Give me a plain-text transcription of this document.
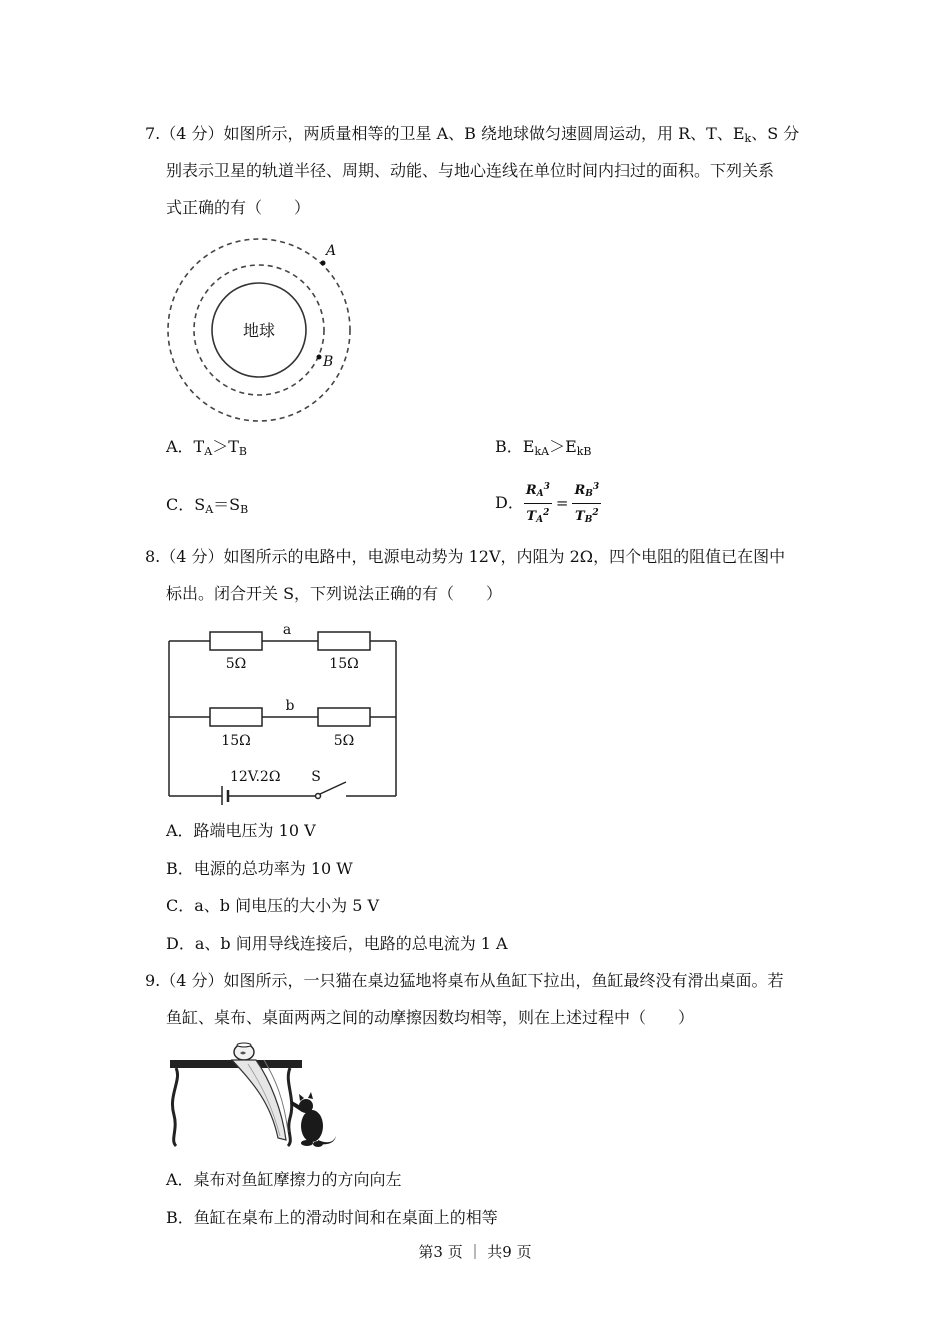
7.（4 分）如图所示，两质量相等的卫星 A、B 绕地球做匀速圆周运动，用 R、T、$E_k$、S 分
别表示卫星的轨道半径、周期、动能、与地心连线在单位时间内扫过的面积。下列关系
式正确的有（　　）
地球
A
B
A．$T_A>T_B$	B．$E_{kA}>E_{kB}$
C．$S_A=S_B$	D． $\frac{R_A^3}{T_A^2} = \frac{R_B^3}{T_B^2}$
8.（4 分）如图所示的电路中，电源电动势为 12V，内阻为 2Ω，四个电阻的阻值已在图中
标出。闭合开关 S，下列说法正确的有（　　）
a
5Ω	15Ω
b
15Ω	5Ω
12V.2Ω S
A．路端电压为 10 V
B．电源的总功率为 10 W
C．a、b 间电压的大小为 5 V
D．a、b 间用导线连接后，电路的总电流为 1 A
9.（4 分）如图所示，一只猫在桌边猛地将桌布从鱼缸下拉出，鱼缸最终没有滑出桌面。若
鱼缸、桌布、桌面两两之间的动摩擦因数均相等，则在上述过程中（　　）
A．桌布对鱼缸摩擦力的方向向左
B．鱼缸在桌布上的滑动时间和在桌面上的相等
第3 页 ｜ 共9 页
